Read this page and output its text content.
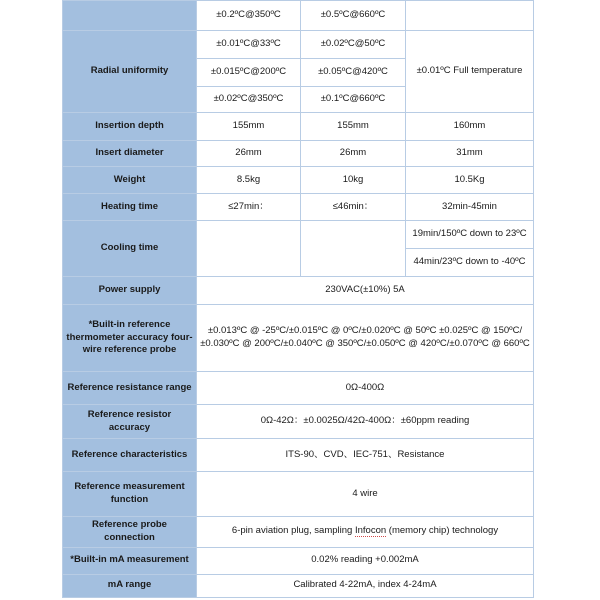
	±0.2ºC@350ºC	±0.5ºC@660ºC	
Radial uniformity	±0.01ºC@33ºC	±0.02ºC@50ºC	±0.01ºC Full temperature
	±0.015ºC@200ºC	±0.05ºC@420ºC	
	±0.02ºC@350ºC	±0.1ºC@660ºC	
Insertion depth	155mm	155mm	160mm
Insert diameter	26mm	26mm	31mm
Weight	8.5kg	10kg	10.5Kg
Heating time	≤27min：	≤46min：	32min-45min
Cooling time			19min/150ºC down to 23ºC
			44min/23ºC down to -40ºC
Power supply	230VAC(±10%) 5A		
*Built-in reference thermometer accuracy four-wire reference probe	±0.013ºC @ -25ºC/±0.015ºC @ 0ºC/±0.020ºC @ 50ºC ±0.025ºC @ 150ºC/±0.030ºC @ 200ºC/±0.040ºC @ 350ºC/±0.050ºC @ 420ºC/±0.070ºC @ 660ºC		
Reference resistance range	0Ω-400Ω		
Reference resistor accuracy	0Ω-42Ω：±0.0025Ω/42Ω-400Ω：±60ppm reading		
Reference characteristics	ITS-90、CVD、IEC-751、Resistance		
Reference measurement function	4 wire		
Reference probe connection	6-pin aviation plug, sampling Infocon (memory chip) technology		
*Built-in mA measurement	0.02% reading +0.002mA		
mA range	Calibrated 4-22mA, index 4-24mA		
